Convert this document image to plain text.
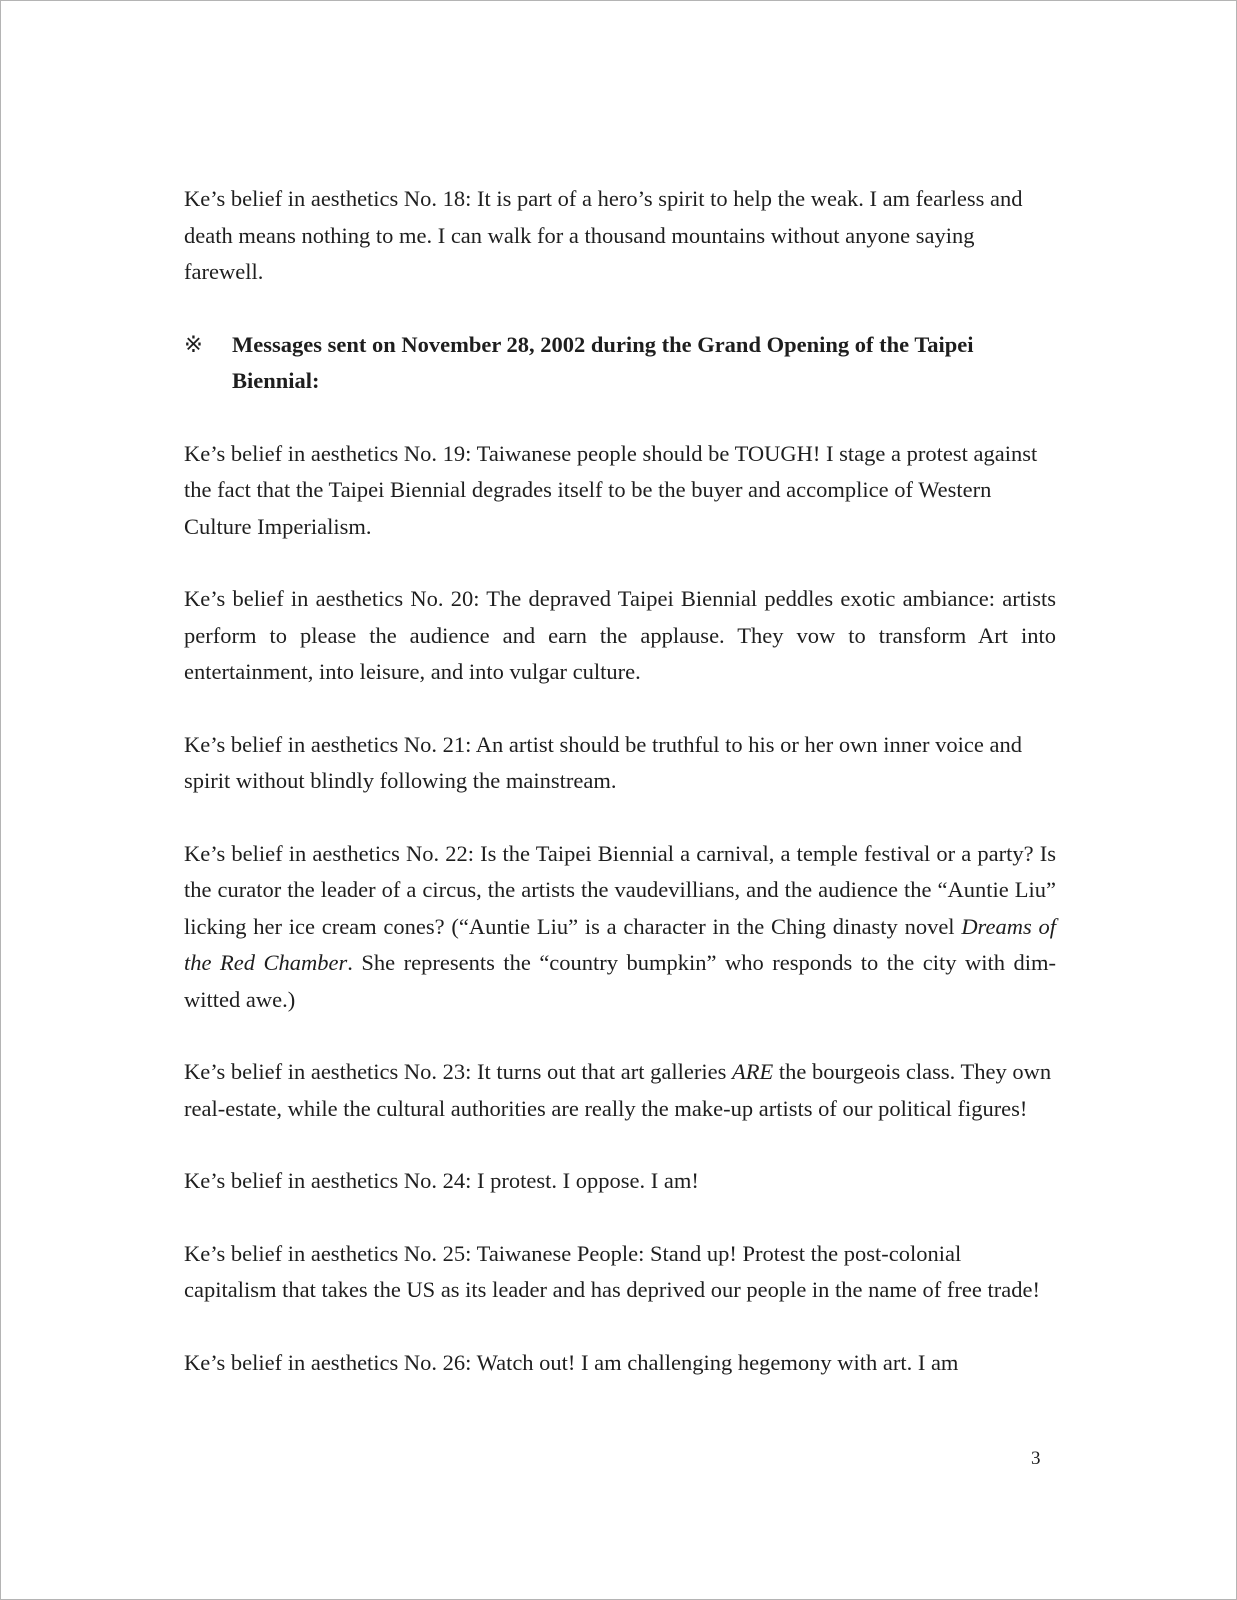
Ke’s belief in aesthetics No. 18: It is part of a hero’s spirit to help the weak. I am fearless and death means nothing to me. I can walk for a thousand mountains without anyone saying farewell.

※	Messages sent on November 28, 2002 during the Grand Opening of the Taipei Biennial:

Ke’s belief in aesthetics No. 19: Taiwanese people should be TOUGH! I stage a protest against the fact that the Taipei Biennial degrades itself to be the buyer and accomplice of Western Culture Imperialism.

Ke’s belief in aesthetics No. 20: The depraved Taipei Biennial peddles exotic ambiance: artists perform to please the audience and earn the applause. They vow to transform Art into entertainment, into leisure, and into vulgar culture.

Ke’s belief in aesthetics No. 21: An artist should be truthful to his or her own inner voice and spirit without blindly following the mainstream.

Ke’s belief in aesthetics No. 22: Is the Taipei Biennial a carnival, a temple festival or a party? Is the curator the leader of a circus, the artists the vaudevillians, and the audience the “Auntie Liu” licking her ice cream cones? (“Auntie Liu” is a character in the Ching dinasty novel Dreams of the Red Chamber. She represents the “country bumpkin” who responds to the city with dim-witted awe.)

Ke’s belief in aesthetics No. 23: It turns out that art galleries ARE the bourgeois class. They own real-estate, while the cultural authorities are really the make-up artists of our political figures!

Ke’s belief in aesthetics No. 24: I protest. I oppose. I am!

Ke’s belief in aesthetics No. 25: Taiwanese People: Stand up! Protest the post-colonial capitalism that takes the US as its leader and has deprived our people in the name of free trade!

Ke’s belief in aesthetics No. 26: Watch out! I am challenging hegemony with art. I am

3
